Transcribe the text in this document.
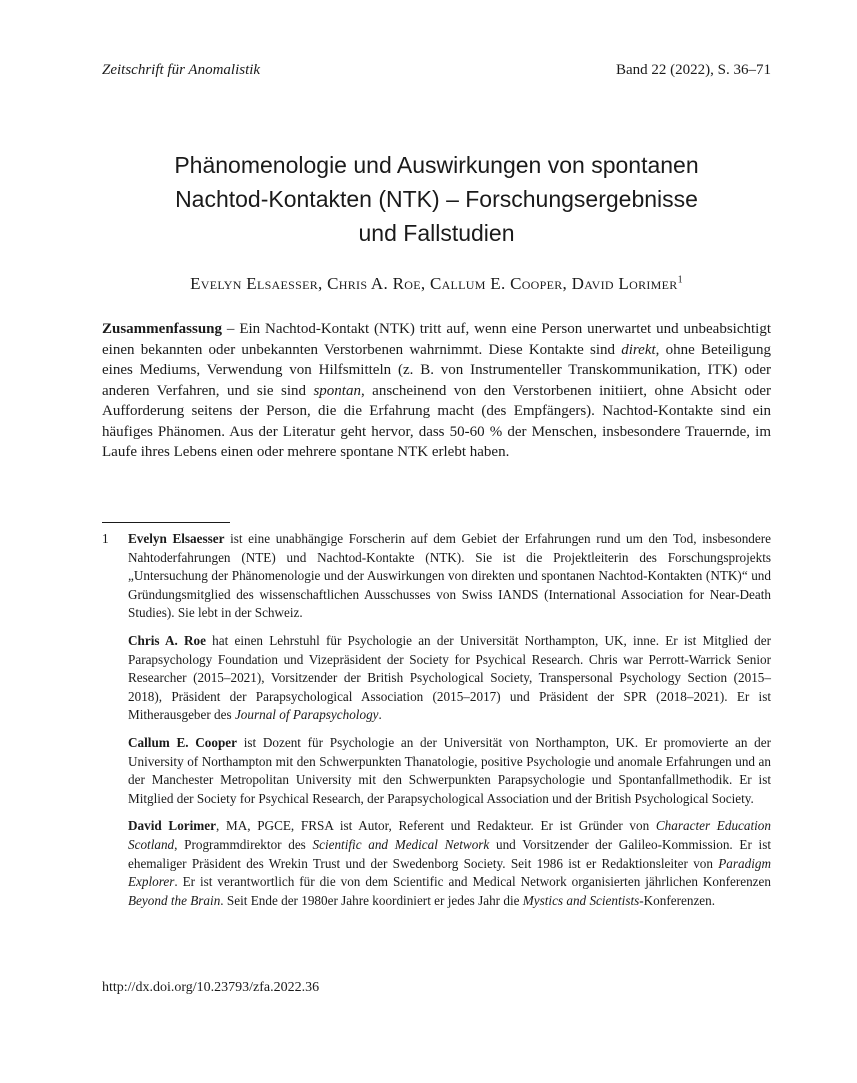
Zeitschrift für Anomalistik	Band 22 (2022), S. 36–71
Phänomenologie und Auswirkungen von spontanen
Nachtod-Kontakten (NTK) – Forschungsergebnisse
und Fallstudien
Evelyn Elsaesser, Chris A. Roe, Callum E. Cooper, David Lorimer$^1$

Zusammenfassung – Ein Nachtod-Kontakt (NTK) tritt auf, wenn eine Person unerwartet und unbeabsichtigt einen bekannten oder unbekannten Verstorbenen wahrnimmt. Diese Kontakte sind direkt, ohne Beteiligung eines Mediums, Verwendung von Hilfsmitteln (z. B. von Instrumenteller Transkommunikation, ITK) oder anderen Verfahren, und sie sind spontan, anscheinend von den Verstorbenen initiiert, ohne Absicht oder Aufforderung seitens der Person, die die Erfahrung macht (des Empfängers). Nachtod-Kontakte sind ein häufiges Phänomen. Aus der Literatur geht hervor, dass 50-60 % der Menschen, insbesondere Trauernde, im Laufe ihres Lebens einen oder mehrere spontane NTK erlebt haben.

1 Evelyn Elsaesser ist eine unabhängige Forscherin auf dem Gebiet der Erfahrungen rund um den Tod, insbesondere Nahtoderfahrungen (NTE) und Nachtod-Kontakte (NTK). Sie ist die Projektleiterin des Forschungsprojekts „Untersuchung der Phänomenologie und der Auswirkungen von direkten und spontanen Nachtod-Kontakten (NTK)“ und Gründungsmitglied des wissenschaftlichen Ausschusses von Swiss IANDS (International Association for Near-Death Studies). Sie lebt in der Schweiz.

Chris A. Roe hat einen Lehrstuhl für Psychologie an der Universität Northampton, UK, inne. Er ist Mitglied der Parapsychology Foundation und Vizepräsident der Society for Psychical Research. Chris war Perrott-Warrick Senior Researcher (2015–2021), Vorsitzender der British Psychological Society, Transpersonal Psychology Section (2015–2018), Präsident der Parapsychological Association (2015–2017) und Präsident der SPR (2018–2021). Er ist Mitherausgeber des Journal of Parapsychology.

Callum E. Cooper ist Dozent für Psychologie an der Universität von Northampton, UK. Er promovierte an der University of Northampton mit den Schwerpunkten Thanatologie, positive Psychologie und anomale Erfahrungen und an der Manchester Metropolitan University mit den Schwerpunkten Parapsychologie und Spontanfallmethodik. Er ist Mitglied der Society for Psychical Research, der Parapsychological Association und der British Psychological Society.

David Lorimer, MA, PGCE, FRSA ist Autor, Referent und Redakteur. Er ist Gründer von Character Education Scotland, Programmdirektor des Scientific and Medical Network und Vorsitzender der Galileo-Kommission. Er ist ehemaliger Präsident des Wrekin Trust und der Swedenborg Society. Seit 1986 ist er Redaktionsleiter von Paradigm Explorer. Er ist verantwortlich für die von dem Scientific and Medical Network organisierten jährlichen Konferenzen Beyond the Brain. Seit Ende der 1980er Jahre koordiniert er jedes Jahr die Mystics and Scientists-Konferenzen.

http://dx.doi.org/10.23793/zfa.2022.36
